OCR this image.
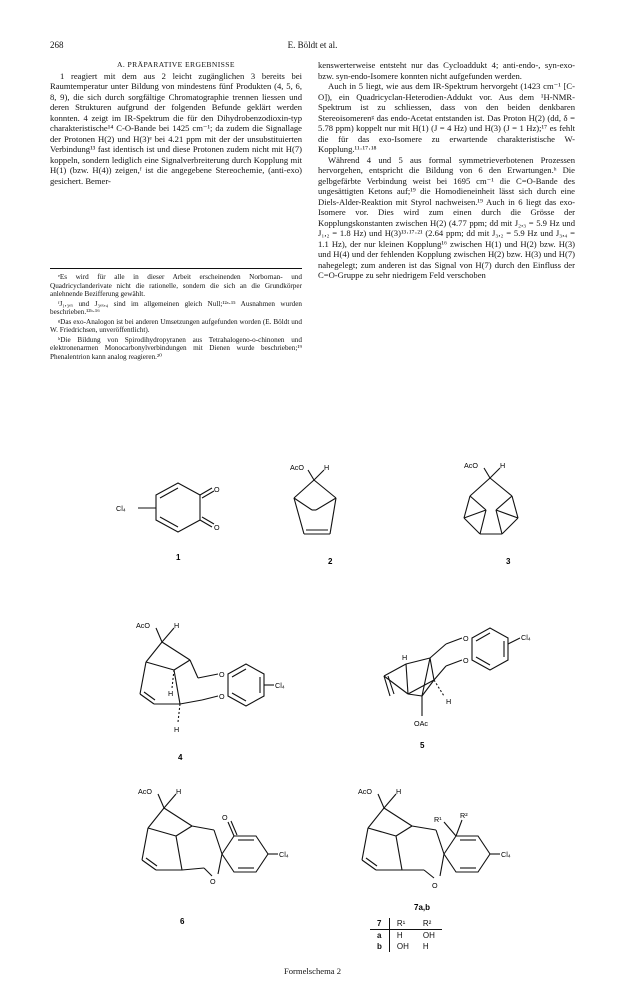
268	E. Böldt et al.

A. PRÄPARATIVE ERGEBNISSE

1 reagiert mit dem aus 2 leicht zugänglichen 3 bereits bei Raumtemperatur unter Bildung von mindestens fünf Produkten (4, 5, 6, 8, 9), die sich durch sorgfältige Chromatographie trennen liessen und deren Strukturen aufgrund der folgenden Befunde geklärt werden konnten. 4 zeigt im IR-Spektrum die für den Dihydrobenzodioxin-typ charakteristische¹⁴ C-O-Bande bei 1425 cm⁻¹; da zudem die Signallage der Protonen H(2) und H(3)ᵉ bei 4.21 ppm mit der der unsubstituierten Verbindung¹³ fast identisch ist und diese Protonen zudem nicht mit H(7) koppeln, sondern lediglich eine Signalverbreiterung durch Kopplung mit H(1) (bzw. H(4)) zeigen,ᶠ ist die angegebene Stereochemie, (anti-exo) gesichert. Bemer-

ᵉEs wird für alle in dieser Arbeit erscheinenden Norbornan- und Quadricyclanderivate nicht die rationelle, sondern die sich an die Grundkörper anlehnende Bezifferung gewählt.

ᶠJ₁,₃ₑₓ und J₃ₑₓ,₄ sind im allgemeinen gleich Null;¹²ᵃ·¹⁵ Ausnahmen wurden beschrieben.¹²ᵇ·¹⁶

ᵍDas exo-Analogon ist bei anderen Umsetzungen aufgefunden worden (E. Böldt und W. Friedrichsen, unveröffentlicht).

ʰDie Bildung von Spirodihydropyranen aus Tetrahalogeno-o-chinonen und elektronenarmen Monocarbonylverbindungen mit Dienen wurde beschrieben;¹⁹ Phenalentrion kann analog reagieren.²⁰

kenswerterweise entsteht nur das Cycloaddukt 4; anti-endo-, syn-exo- bzw. syn-endo-Isomere konnten nicht aufgefunden werden.

Auch in 5 liegt, wie aus dem IR-Spektrum hervorgeht (1423 cm⁻¹ [C-O]), ein Quadricyclan-Heterodien-Addukt vor. Aus dem ¹H-NMR-Spektrum ist zu schliessen, dass von den beiden denkbaren Stereoisomerenᵍ das endo-Acetat entstanden ist. Das Proton H(2) (dd, δ = 5.78 ppm) koppelt nur mit H(1) (J = 4 Hz) und H(3) (J = 1 Hz);¹⁷ es fehlt die für das exo-Isomere zu erwartende charakteristische W-Kopplung.¹¹·¹⁷·¹⁸

Während 4 und 5 aus formal symmetrieverbotenen Prozessen hervorgehen, entspricht die Bildung von 6 den Erwartungen.ʰ Die gelbgefärbte Verbindung weist bei 1695 cm⁻¹ die C=O-Bande des ungesättigten Ketons auf;¹⁹ die Homodieneinheit lässt sich durch eine Diels-Alder-Reaktion mit Styrol nachweisen.¹⁹ Auch in 6 liegt das exo-Isomere vor. Dies wird zum einen durch die Grösse der Kopplungskonstanten zwischen H(2) (4.77 ppm; dd mit J₂,₃ = 5.9 Hz und J₁,₂ = 1.8 Hz) und H(3)¹³·¹⁷·²¹ (2.64 ppm; dd mit J₃,₂ = 5.9 Hz und J₃,₄ = 1.1 Hz), der nur kleinen Kopplung¹⁶ zwischen H(1) und H(2) bzw. H(3) und H(4) und der fehlenden Kopplung zwischen H(2) bzw. H(3) und H(7) nahegelegt; zum anderen ist das Signal von H(7) durch den Einfluss der C=O-Gruppe zu sehr niedrigem Feld verschoben

O
O
Cl₄
1
AcO	H
2
AcO	H
3
AcO	H
H
H
O
O
Cl₄
4
O
O
Cl₄
H
H
OAc
5
AcO	H
O
O
Cl₄
6
AcO	H
R¹	R²
O
Cl₄
7a,b
7	R¹	R²
a	H	OH
b	OH	H
Formelschema 2
